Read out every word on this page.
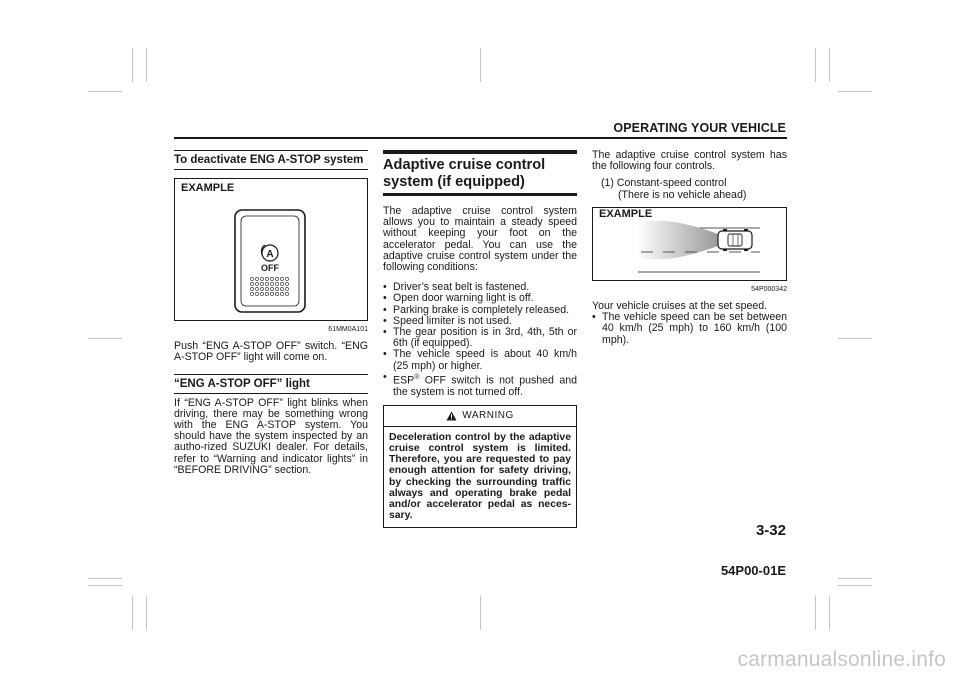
OPERATING YOUR VEHICLE
To deactivate ENG A-STOP system
EXAMPLE
A
OFF
61MM0A101

Push “ENG A-STOP OFF” switch. “ENG A-STOP OFF” light will come on.

“ENG A-STOP OFF” light

If “ENG A-STOP OFF” light blinks when driving, there may be something wrong with the ENG A-STOP system. You should have the system inspected by an autho-rized SUZUKI dealer. For details, refer to “Warning and indicator lights” in “BEFORE DRIVING” section.

Adaptive cruise control system (if equipped)

The adaptive cruise control system allows you to maintain a steady speed without keeping your foot on the accelerator pedal. You can use the adaptive cruise control system under the following conditions:

• Driver’s seat belt is fastened.
• Open door warning light is off.
• Parking brake is completely released.
• Speed limiter is not used.
• The gear position is in 3rd, 4th, 5th or 6th (if equipped).
• The vehicle speed is about 40 km/h (25 mph) or higher.
• ESP® OFF switch is not pushed and the system is not turned off.
WARNING
Deceleration control by the adaptive cruise control system is limited. Therefore, you are requested to pay enough attention for safety driving, by checking the surrounding traffic always and operating brake pedal and/or accelerator pedal as neces-sary.

The adaptive cruise control system has the following four controls.

(1) Constant-speed control
(There is no vehicle ahead)
EXAMPLE
54P000342

Your vehicle cruises at the set speed.

• The vehicle speed can be set between 40 km/h (25 mph) to 160 km/h (100 mph).
3-32
54P00-01E
carmanualsonline.info
